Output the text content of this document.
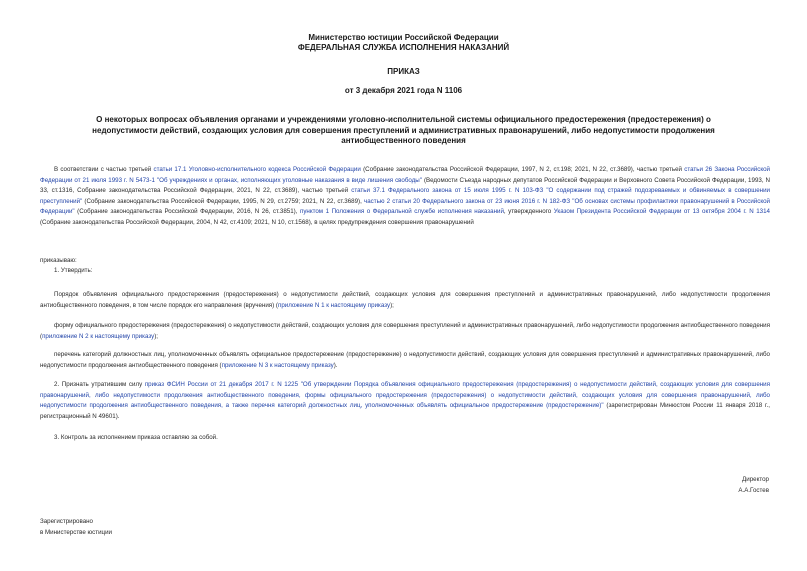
Министерство юстиции Российской Федерации
ФЕДЕРАЛЬНАЯ СЛУЖБА ИСПОЛНЕНИЯ НАКАЗАНИЙ
ПРИКАЗ
от 3 декабря 2021 года N 1106
О некоторых вопросах объявления органами и учреждениями уголовно-исполнительной системы официального предостережения (предостережения) о недопустимости действий, создающих условия для совершения преступлений и административных правонарушений, либо недопустимости продолжения антиобщественного поведения
В соответствии с частью третьей статьи 17.1 Уголовно-исполнительного кодекса Российской Федерации (Собрание законодательства Российской Федерации, 1997, N 2, ст.198; 2021, N 22, ст.3689), частью третьей статьи 26 Закона Российской Федерации от 21 июля 1993 г. N 5473-1 "Об учреждениях и органах, исполняющих уголовные наказания в виде лишения свободы" (Ведомости Съезда народных депутатов Российской Федерации и Верховного Совета Российской Федерации, 1993, N 33, ст.1316, Собрание законодательства Российской Федерации, 2021, N 22, ст.3689), частью третьей статьи 37.1 Федерального закона от 15 июля 1995 г. N 103-ФЗ "О содержании под стражей подозреваемых и обвиняемых в совершении преступлений" (Собрание законодательства Российской Федерации, 1995, N 29, ст.2759; 2021, N 22, ст.3689), частью 2 статьи 20 Федерального закона от 23 июня 2016 г. N 182-ФЗ "Об основах системы профилактики правонарушений в Российской Федерации" (Собрание законодательства Российской Федерации, 2016, N 26, ст.3851), пунктом 1 Положения о Федеральной службе исполнения наказаний, утвержденного Указом Президента Российской Федерации от 13 октября 2004 г. N 1314 (Собрание законодательства Российской Федерации, 2004, N 42, ст.4109; 2021, N 10, ст.1568), в целях предупреждения совершения правонарушений
приказываю:
1. Утвердить:
Порядок объявления официального предостережения (предостережения) о недопустимости действий, создающих условия для совершения преступлений и административных правонарушений, либо недопустимости продолжения антиобщественного поведения, в том числе порядок его направления (вручения) (приложение N 1 к настоящему приказу);
форму официального предостережения (предостережения) о недопустимости действий, создающих условия для совершения преступлений и административных правонарушений, либо недопустимости продолжения антиобщественного поведения (приложение N 2 к настоящему приказу);
перечень категорий должностных лиц, уполномоченных объявлять официальное предостережение (предостережение) о недопустимости действий, создающих условия для совершения преступлений и административных правонарушений, либо недопустимости продолжения антиобщественного поведения (приложение N 3 к настоящему приказу).
2. Признать утратившим силу приказ ФСИН России от 21 декабря 2017 г. N 1225 "Об утверждении Порядка объявления официального предостережения (предостережения) о недопустимости действий, создающих условия для совершения правонарушений, либо недопустимости продолжения антиобщественного поведения, формы официального предостережения (предостережения) о недопустимости действий, создающих условия для совершения правонарушений, либо недопустимости продолжения антиобщественного поведения, а также перечня категорий должностных лиц, уполномоченных объявлять официальное предостережение (предостережение)" (зарегистрирован Минюстом России 11 января 2018 г., регистрационный N 49601).
3. Контроль за исполнением приказа оставляю за собой.
Директор
А.А.Гостев
Зарегистрировано
в Министерстве юстиции
